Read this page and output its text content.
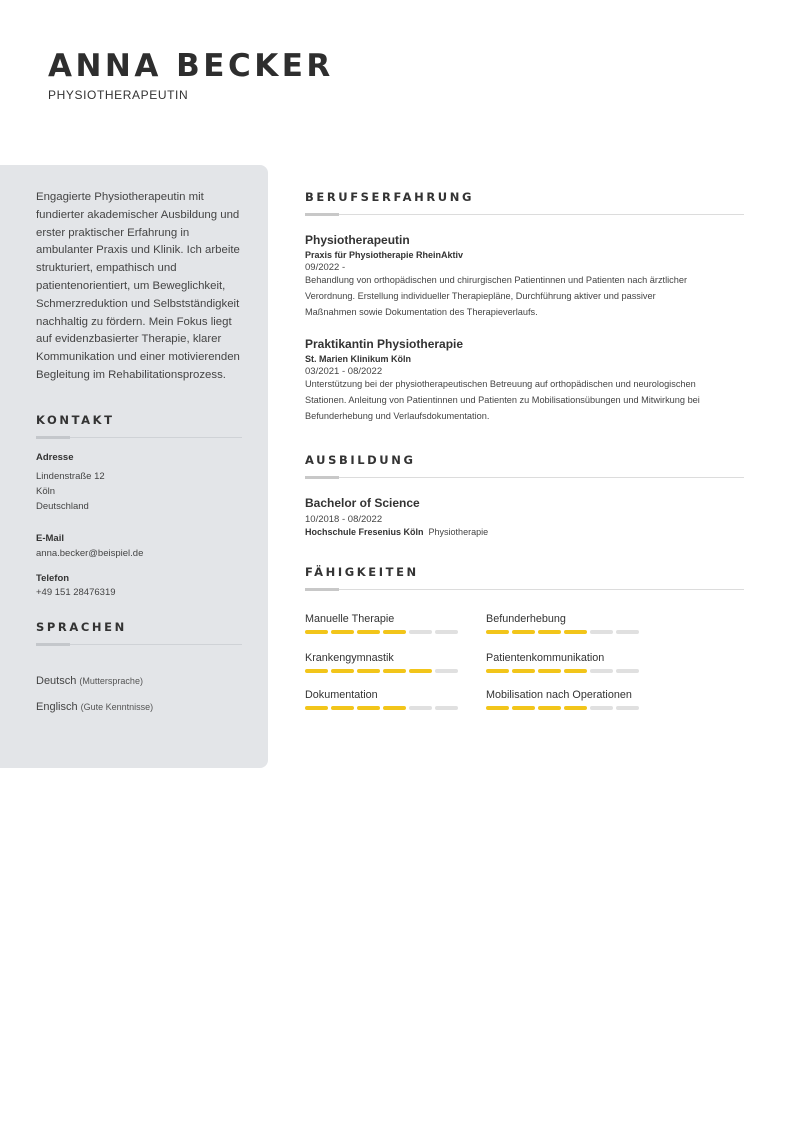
ANNA BECKER
PHYSIOTHERAPEUTIN

Engagierte Physiotherapeutin mit fundierter akademischer Ausbildung und erster praktischer Erfahrung in ambulanter Praxis und Klinik. Ich arbeite strukturiert, empathisch und patientenorientiert, um Beweglichkeit, Schmerzreduktion und Selbstständigkeit nachhaltig zu fördern. Mein Fokus liegt auf evidenzbasierter Therapie, klarer Kommunikation und einer motivierenden Begleitung im Rehabilitationsprozess.

KONTAKT

Adresse

Lindenstraße 12

Köln

Deutschland

E-Mail

anna.becker@beispiel.de

Telefon

+49 151 28476319

SPRACHEN

Deutsch (Muttersprache)

Englisch (Gute Kenntnisse)

BERUFSERFAHRUNG

Physiotherapeutin

Praxis für Physiotherapie RheinAktiv

09/2022 -

Behandlung von orthopädischen und chirurgischen Patientinnen und Patienten nach ärztlicher

Verordnung. Erstellung individueller Therapiepläne, Durchführung aktiver und passiver

Maßnahmen sowie Dokumentation des Therapieverlaufs.

Praktikantin Physiotherapie

St. Marien Klinikum Köln

03/2021 - 08/2022

Unterstützung bei der physiotherapeutischen Betreuung auf orthopädischen und neurologischen

Stationen. Anleitung von Patientinnen und Patienten zu Mobilisationsübungen und Mitwirkung bei

Befunderhebung und Verlaufsdokumentation.

AUSBILDUNG

Bachelor of Science

10/2018 - 08/2022

Hochschule Fresenius Köln Physiotherapie

FÄHIGKEITEN

Manuelle Therapie	Befunderhebung

Krankengymnastik	Patientenkommunikation

Dokumentation	Mobilisation nach Operationen
